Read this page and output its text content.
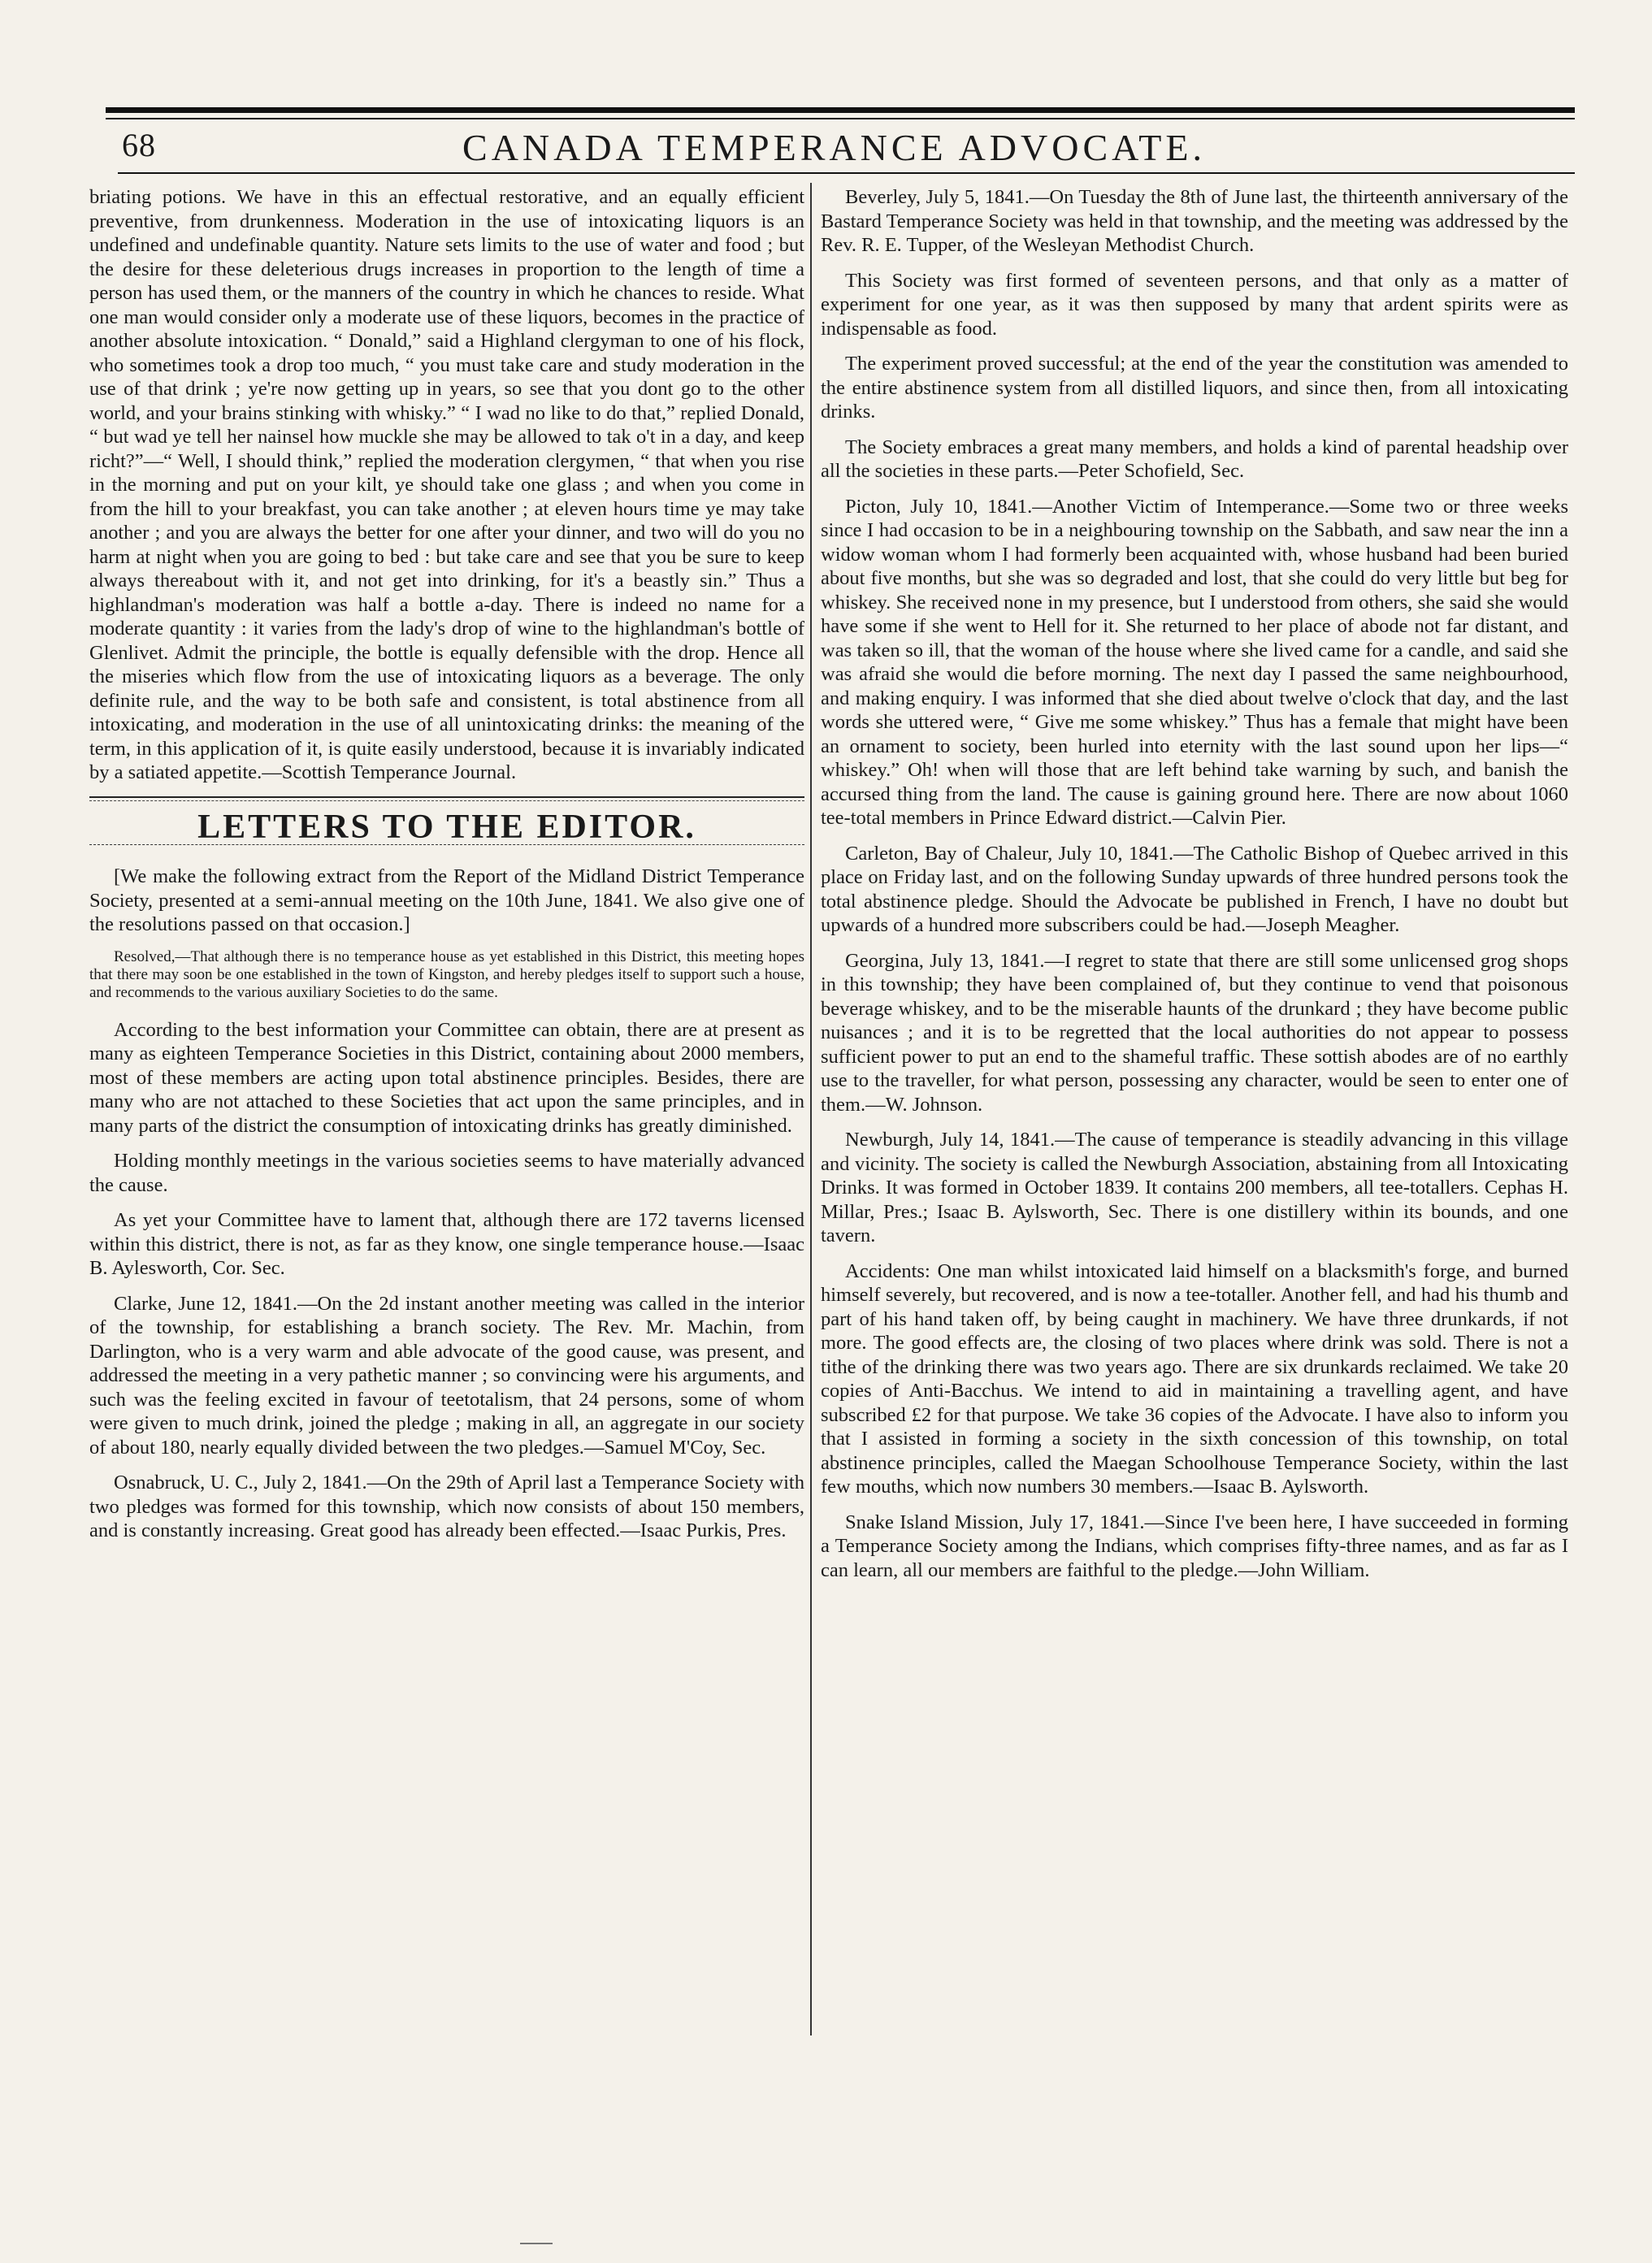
68	CANADA TEMPERANCE ADVOCATE.

briating potions. We have in this an effectual restorative, and an equally efficient preventive, from drunkenness. Moderation in the use of intoxicating liquors is an undefined and undefinable quantity. Nature sets limits to the use of water and food ; but the desire for these deleterious drugs increases in proportion to the length of time a person has used them, or the manners of the country in which he chances to reside. What one man would consider only a moderate use of these liquors, becomes in the practice of another absolute intoxication. “ Donald,” said a Highland clergyman to one of his flock, who sometimes took a drop too much, “ you must take care and study moderation in the use of that drink ; ye're now getting up in years, so see that you dont go to the other world, and your brains stinking with whisky.” “ I wad no like to do that,” replied Donald, “ but wad ye tell her nainsel how muckle she may be allowed to tak o't in a day, and keep richt?”—“ Well, I should think,” replied the moderation clergymen, “ that when you rise in the morning and put on your kilt, ye should take one glass ; and when you come in from the hill to your breakfast, you can take another ; at eleven hours time ye may take another ; and you are always the better for one after your dinner, and two will do you no harm at night when you are going to bed : but take care and see that you be sure to keep always thereabout with it, and not get into drinking, for it's a beastly sin.” Thus a highlandman's moderation was half a bottle a-day. There is indeed no name for a moderate quantity : it varies from the lady's drop of wine to the highlandman's bottle of Glenlivet. Admit the principle, the bottle is equally defensible with the drop. Hence all the miseries which flow from the use of intoxicating liquors as a beverage. The only definite rule, and the way to be both safe and consistent, is total abstinence from all intoxicating, and moderation in the use of all unintoxicating drinks: the meaning of the term, in this application of it, is quite easily understood, because it is invariably indicated by a satiated appetite.—Scottish Temperance Journal.

LETTERS TO THE EDITOR.

[We make the following extract from the Report of the Midland District Temperance Society, presented at a semi-annual meeting on the 10th June, 1841. We also give one of the resolutions passed on that occasion.]

Resolved,—That although there is no temperance house as yet established in this District, this meeting hopes that there may soon be one established in the town of Kingston, and hereby pledges itself to support such a house, and recommends to the various auxiliary Societies to do the same.

According to the best information your Committee can obtain, there are at present as many as eighteen Temperance Societies in this District, containing about 2000 members, most of these members are acting upon total abstinence principles. Besides, there are many who are not attached to these Societies that act upon the same principles, and in many parts of the district the consumption of intoxicating drinks has greatly diminished.

Holding monthly meetings in the various societies seems to have materially advanced the cause.

As yet your Committee have to lament that, although there are 172 taverns licensed within this district, there is not, as far as they know, one single temperance house.—Isaac B. Aylesworth, Cor. Sec.

Clarke, June 12, 1841.—On the 2d instant another meeting was called in the interior of the township, for establishing a branch society. The Rev. Mr. Machin, from Darlington, who is a very warm and able advocate of the good cause, was present, and addressed the meeting in a very pathetic manner ; so convincing were his arguments, and such was the feeling excited in favour of teetotalism, that 24 persons, some of whom were given to much drink, joined the pledge ; making in all, an aggregate in our society of about 180, nearly equally divided between the two pledges.—Samuel M'Coy, Sec.

Osnabruck, U. C., July 2, 1841.—On the 29th of April last a Temperance Society with two pledges was formed for this township, which now consists of about 150 members, and is constantly increasing. Great good has already been effected.—Isaac Purkis, Pres.

Beverley, July 5, 1841.—On Tuesday the 8th of June last, the thirteenth anniversary of the Bastard Temperance Society was held in that township, and the meeting was addressed by the Rev. R. E. Tupper, of the Wesleyan Methodist Church.

This Society was first formed of seventeen persons, and that only as a matter of experiment for one year, as it was then supposed by many that ardent spirits were as indispensable as food.

The experiment proved successful; at the end of the year the constitution was amended to the entire abstinence system from all distilled liquors, and since then, from all intoxicating drinks.

The Society embraces a great many members, and holds a kind of parental headship over all the societies in these parts.—Peter Schofield, Sec.

Picton, July 10, 1841.—Another Victim of Intemperance.—Some two or three weeks since I had occasion to be in a neighbouring township on the Sabbath, and saw near the inn a widow woman whom I had formerly been acquainted with, whose husband had been buried about five months, but she was so degraded and lost, that she could do very little but beg for whiskey. She received none in my presence, but I understood from others, she said she would have some if she went to Hell for it. She returned to her place of abode not far distant, and was taken so ill, that the woman of the house where she lived came for a candle, and said she was afraid she would die before morning. The next day I passed the same neighbourhood, and making enquiry. I was informed that she died about twelve o'clock that day, and the last words she uttered were, “ Give me some whiskey.” Thus has a female that might have been an ornament to society, been hurled into eternity with the last sound upon her lips—“ whiskey.” Oh! when will those that are left behind take warning by such, and banish the accursed thing from the land. The cause is gaining ground here. There are now about 1060 tee-total members in Prince Edward district.—Calvin Pier.

Carleton, Bay of Chaleur, July 10, 1841.—The Catholic Bishop of Quebec arrived in this place on Friday last, and on the following Sunday upwards of three hundred persons took the total abstinence pledge. Should the Advocate be published in French, I have no doubt but upwards of a hundred more subscribers could be had.—Joseph Meagher.

Georgina, July 13, 1841.—I regret to state that there are still some unlicensed grog shops in this township; they have been complained of, but they continue to vend that poisonous beverage whiskey, and to be the miserable haunts of the drunkard ; they have become public nuisances ; and it is to be regretted that the local authorities do not appear to possess sufficient power to put an end to the shameful traffic. These sottish abodes are of no earthly use to the traveller, for what person, possessing any character, would be seen to enter one of them.—W. Johnson.

Newburgh, July 14, 1841.—The cause of temperance is steadily advancing in this village and vicinity. The society is called the Newburgh Association, abstaining from all Intoxicating Drinks. It was formed in October 1839. It contains 200 members, all tee-totallers. Cephas H. Millar, Pres.; Isaac B. Aylsworth, Sec. There is one distillery within its bounds, and one tavern.

Accidents: One man whilst intoxicated laid himself on a blacksmith's forge, and burned himself severely, but recovered, and is now a tee-totaller. Another fell, and had his thumb and part of his hand taken off, by being caught in machinery. We have three drunkards, if not more. The good effects are, the closing of two places where drink was sold. There is not a tithe of the drinking there was two years ago. There are six drunkards reclaimed. We take 20 copies of Anti-Bacchus. We intend to aid in maintaining a travelling agent, and have subscribed £2 for that purpose. We take 36 copies of the Advocate. I have also to inform you that I assisted in forming a society in the sixth concession of this township, on total abstinence principles, called the Maegan Schoolhouse Temperance Society, within the last few mouths, which now numbers 30 members.—Isaac B. Aylsworth.

Snake Island Mission, July 17, 1841.—Since I've been here, I have succeeded in forming a Temperance Society among the Indians, which comprises fifty-three names, and as far as I can learn, all our members are faithful to the pledge.—John William.
